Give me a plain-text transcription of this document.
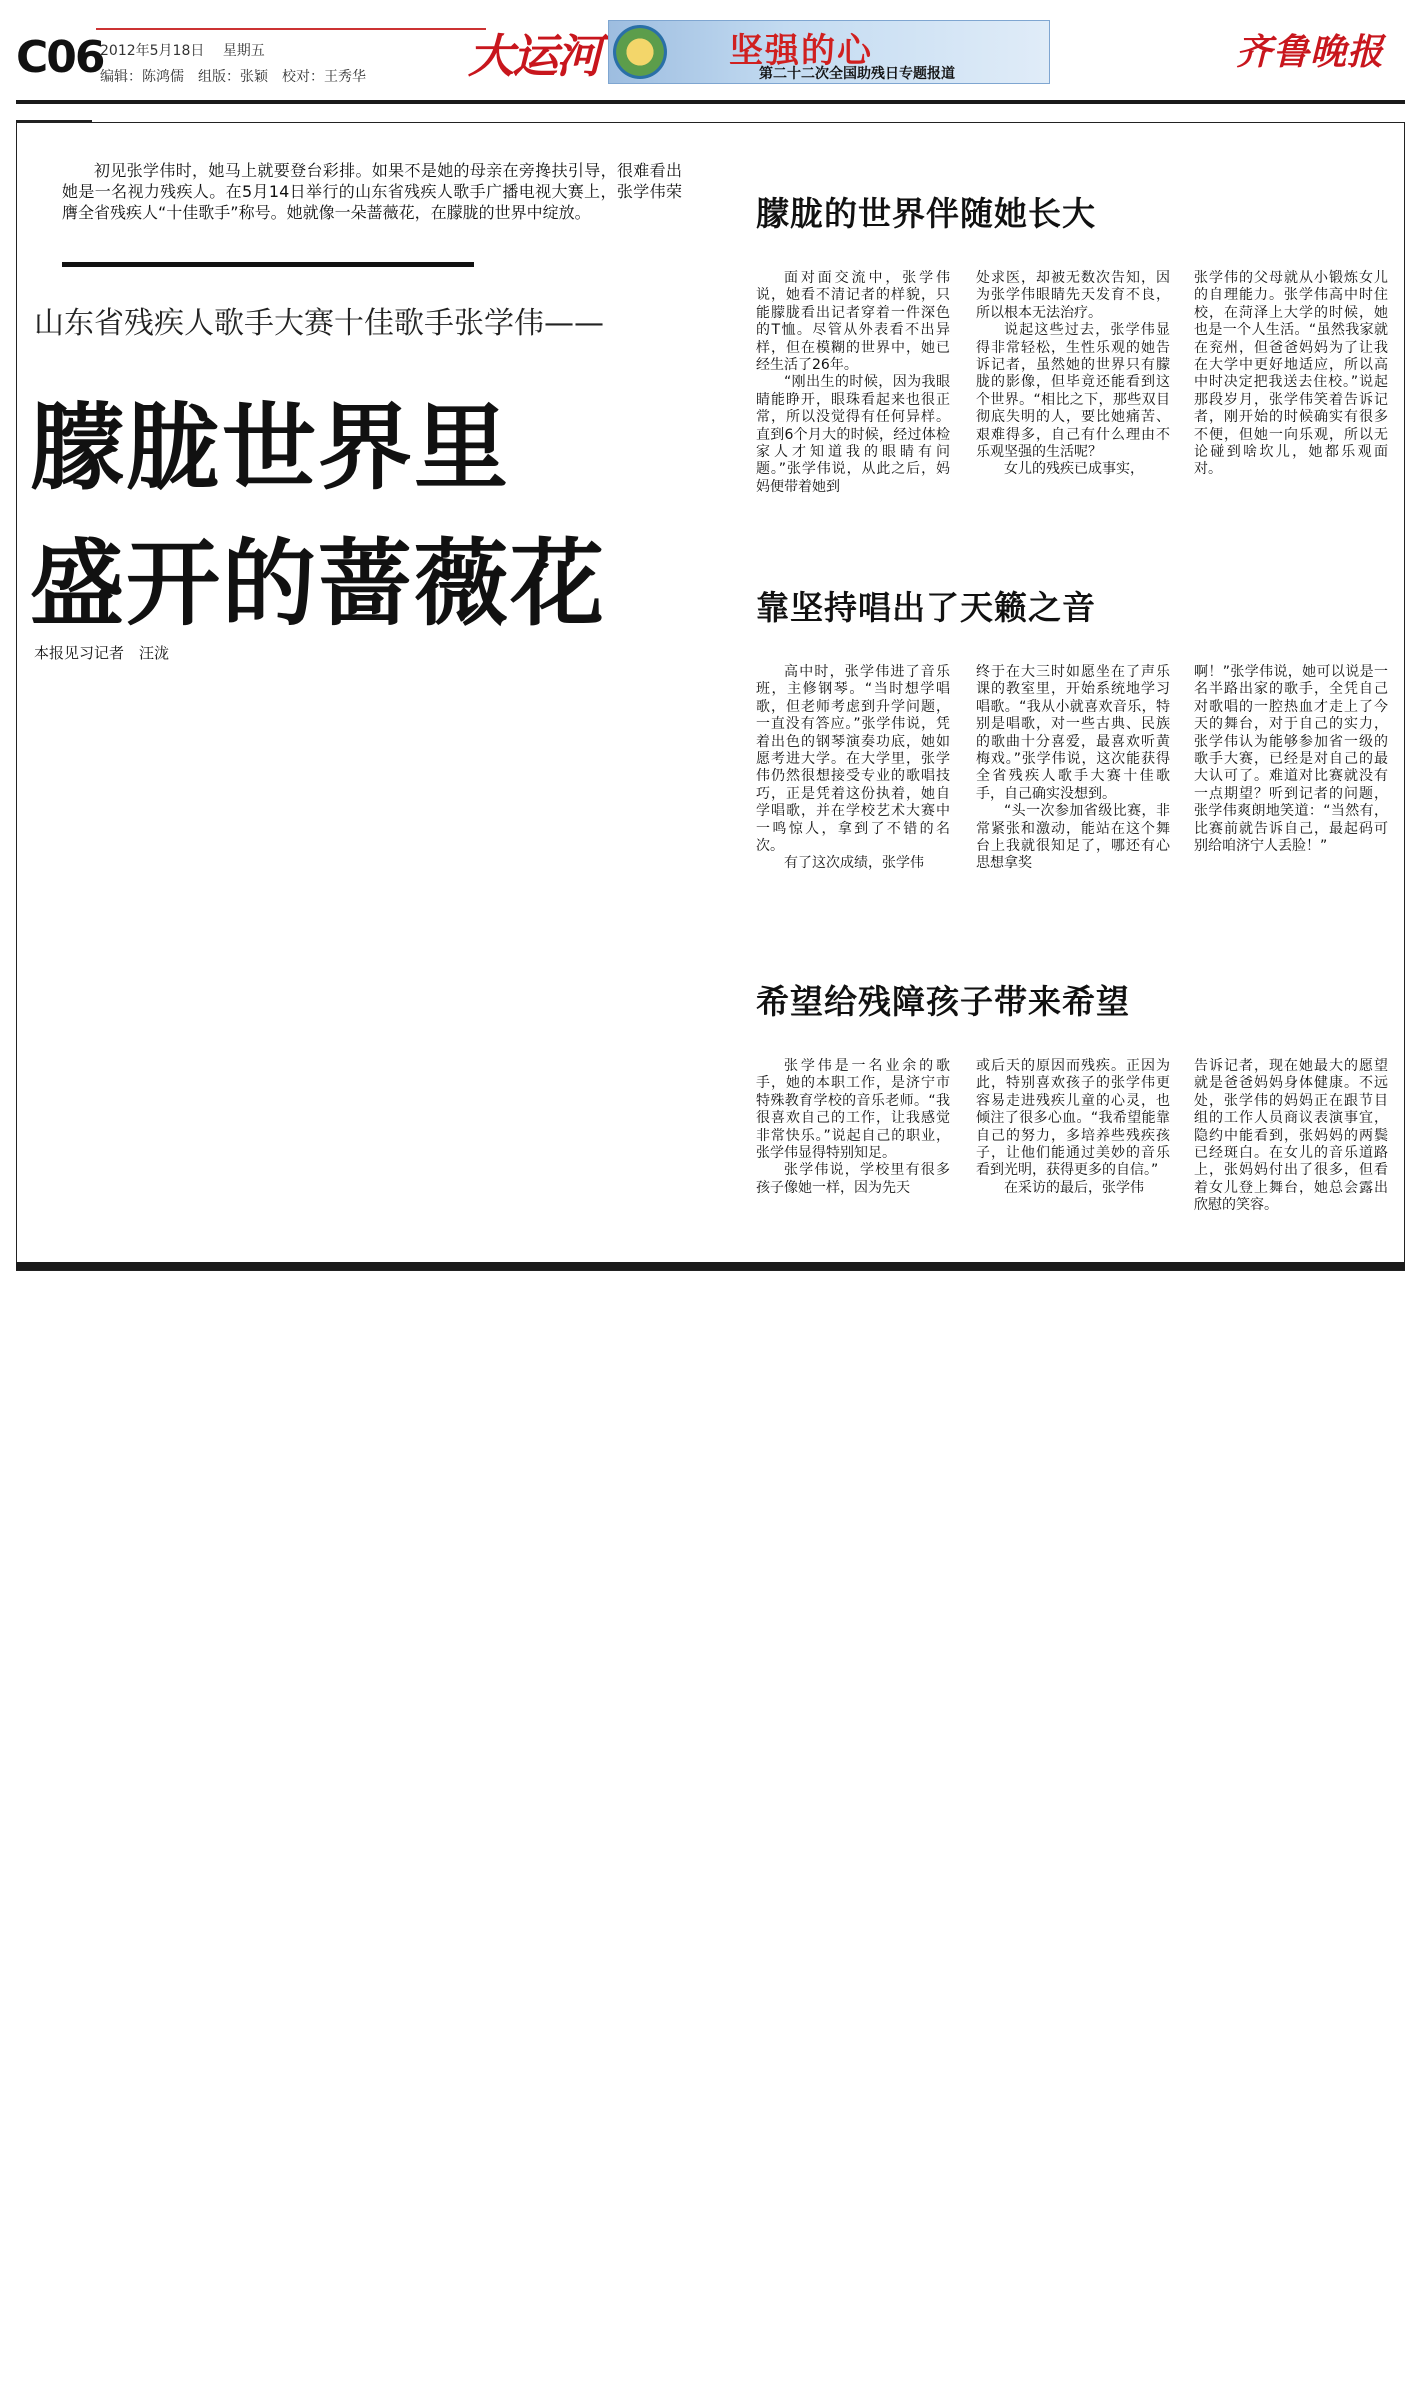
C06
2012年5月18日 星期五
编辑：陈鸿儒　组版：张颖　校对：王秀华 大运河	坚强的心
第二十二次全国助残日专题报道
齐鲁晚报
初见张学伟时，她马上就要登台彩排。如果不是她的母亲在旁搀扶引导，很难看出她是一名视力残疾人。在5月14日举行的山东省残疾人歌手广播电视大赛上，张学伟荣膺全省残疾人“十佳歌手”称号。她就像一朵蔷薇花，在朦胧的世界中绽放。
山东省残疾人歌手大赛十佳歌手张学伟——
朦胧世界里
盛开的蔷薇花
本报见习记者　汪泷
朦胧的世界伴随她长大

面对面交流中，张学伟说，她看不清记者的样貌，只能朦胧看出记者穿着一件深色的T恤。尽管从外表看不出异样，但在模糊的世界中，她已经生活了26年。

“刚出生的时候，因为我眼睛能睁开，眼珠看起来也很正常，所以没觉得有任何异样。直到6个月大的时候，经过体检家人才知道我的眼睛有问题。”张学伟说，从此之后，妈妈便带着她到

处求医，却被无数次告知，因为张学伟眼睛先天发育不良，所以根本无法治疗。

说起这些过去，张学伟显得非常轻松，生性乐观的她告诉记者，虽然她的世界只有朦胧的影像，但毕竟还能看到这个世界。“相比之下，那些双目彻底失明的人，要比她痛苦、艰难得多，自己有什么理由不乐观坚强的生活呢？

女儿的残疾已成事实，

张学伟的父母就从小锻炼女儿的自理能力。张学伟高中时住校，在菏泽上大学的时候，她也是一个人生活。“虽然我家就在兖州，但爸爸妈妈为了让我在大学中更好地适应，所以高中时决定把我送去住校。”说起那段岁月，张学伟笑着告诉记者，刚开始的时候确实有很多不便，但她一向乐观，所以无论碰到啥坎儿，她都乐观面对。

靠坚持唱出了天籁之音

高中时，张学伟进了音乐班，主修钢琴。“当时想学唱歌，但老师考虑到升学问题，一直没有答应。”张学伟说，凭着出色的钢琴演奏功底，她如愿考进大学。在大学里，张学伟仍然很想接受专业的歌唱技巧，正是凭着这份执着，她自学唱歌，并在学校艺术大赛中一鸣惊人，拿到了不错的名次。

有了这次成绩，张学伟

终于在大三时如愿坐在了声乐课的教室里，开始系统地学习唱歌。“我从小就喜欢音乐，特别是唱歌，对一些古典、民族的歌曲十分喜爱，最喜欢听黄梅戏。”张学伟说，这次能获得全省残疾人歌手大赛十佳歌手，自己确实没想到。

“头一次参加省级比赛，非常紧张和激动，能站在这个舞台上我就很知足了，哪还有心思想拿奖

啊！”张学伟说，她可以说是一名半路出家的歌手，全凭自己对歌唱的一腔热血才走上了今天的舞台，对于自己的实力，张学伟认为能够参加省一级的歌手大赛，已经是对自己的最大认可了。难道对比赛就没有一点期望？听到记者的问题，张学伟爽朗地笑道：“当然有，比赛前就告诉自己，最起码可别给咱济宁人丢脸！”

希望给残障孩子带来希望

张学伟是一名业余的歌手，她的本职工作，是济宁市特殊教育学校的音乐老师。“我很喜欢自己的工作，让我感觉非常快乐。”说起自己的职业，张学伟显得特别知足。

张学伟说，学校里有很多孩子像她一样，因为先天

或后天的原因而残疾。正因为此，特别喜欢孩子的张学伟更容易走进残疾儿童的心灵，也倾注了很多心血。“我希望能靠自己的努力，多培养些残疾孩子，让他们能通过美妙的音乐看到光明，获得更多的自信。”

在采访的最后，张学伟

告诉记者，现在她最大的愿望就是爸爸妈妈身体健康。不远处，张学伟的妈妈正在跟节目组的工作人员商议表演事宜，隐约中能看到，张妈妈的两鬓已经斑白。在女儿的音乐道路上，张妈妈付出了很多，但看着女儿登上舞台，她总会露出欣慰的笑容。
